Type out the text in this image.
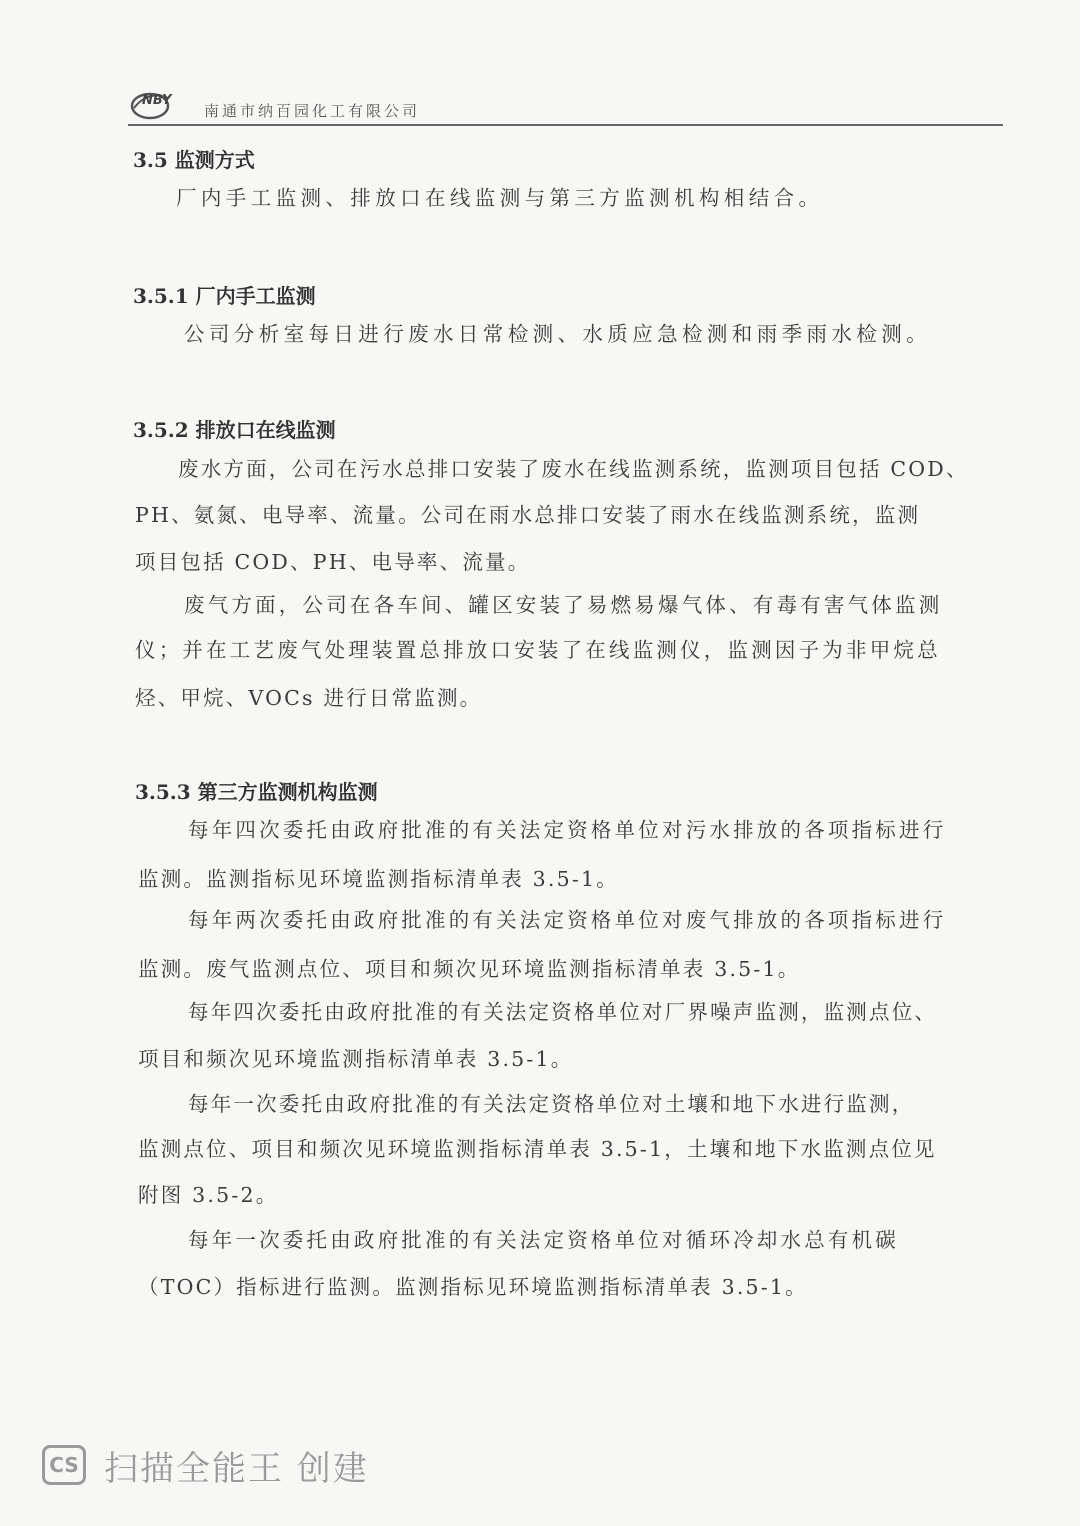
NBY
南通市纳百园化工有限公司
3.5 监测方式
厂内手工监测、排放口在线监测与第三方监测机构相结合。
3.5.1 厂内手工监测
公司分析室每日进行废水日常检测、水质应急检测和雨季雨水检测。
3.5.2 排放口在线监测
废水方面，公司在污水总排口安装了废水在线监测系统，监测项目包括 COD、
PH、氨氮、电导率、流量。公司在雨水总排口安装了雨水在线监测系统，监测
项目包括 COD、PH、电导率、流量。
废气方面，公司在各车间、罐区安装了易燃易爆气体、有毒有害气体监测
仪；并在工艺废气处理装置总排放口安装了在线监测仪，监测因子为非甲烷总
烃、甲烷、VOCs 进行日常监测。
3.5.3 第三方监测机构监测
每年四次委托由政府批准的有关法定资格单位对污水排放的各项指标进行
监测。监测指标见环境监测指标清单表 3.5-1。
每年两次委托由政府批准的有关法定资格单位对废气排放的各项指标进行
监测。废气监测点位、项目和频次见环境监测指标清单表 3.5-1。
每年四次委托由政府批准的有关法定资格单位对厂界噪声监测，监测点位、
项目和频次见环境监测指标清单表 3.5-1。
每年一次委托由政府批准的有关法定资格单位对土壤和地下水进行监测，
监测点位、项目和频次见环境监测指标清单表 3.5-1，土壤和地下水监测点位见
附图 3.5-2。
每年一次委托由政府批准的有关法定资格单位对循环冷却水总有机碳
（TOC）指标进行监测。监测指标见环境监测指标清单表 3.5-1。
CS 扫描全能王 创建
